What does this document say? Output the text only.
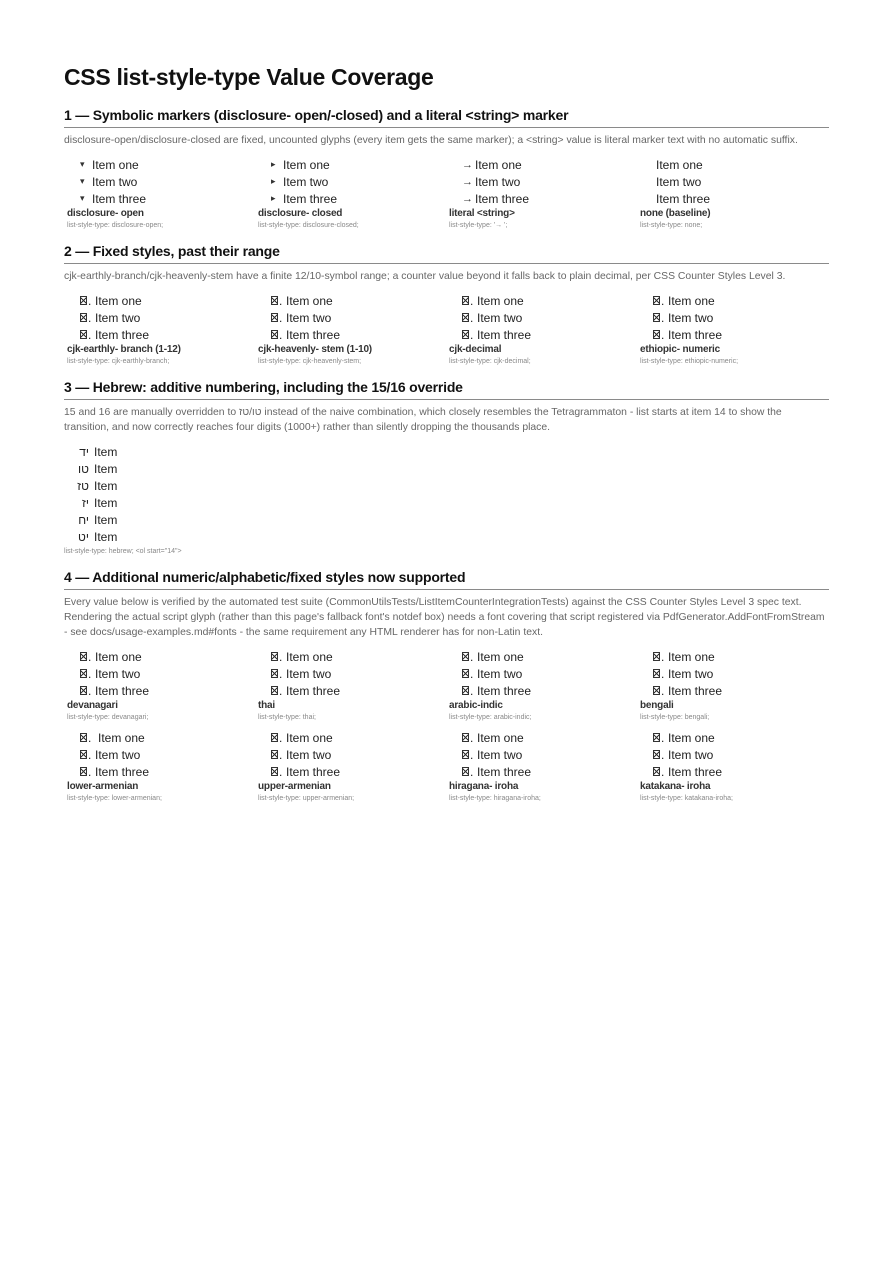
CSS list-style-type Value Coverage
1 — Symbolic markers (disclosure- open/-closed) and a literal <string> marker
disclosure-open/disclosure-closed are fixed, uncounted glyphs (every item gets the same marker); a <string> value is literal marker text with no automatic suffix.
▾ Item one
▾ Item two
▾ Item three
disclosure- open
list-style-type: disclosure-open;
▸ Item one
▸ Item two
▸ Item three
disclosure- closed
list-style-type: disclosure-closed;
→ Item one
→ Item two
→ Item three
literal <string>
list-style-type: '→ ';
Item one
Item two
Item three
none (baseline)
list-style-type: none;
2 — Fixed styles, past their range
cjk-earthly-branch/cjk-heavenly-stem have a finite 12/10-symbol range; a counter value beyond it falls back to plain decimal, per CSS Counter Styles Level 3.
. Item one
. Item two
. Item three
cjk-earthly- branch (1-12)
list-style-type: cjk-earthly-branch;
. Item one
. Item two
. Item three
cjk-heavenly- stem (1-10)
list-style-type: cjk-heavenly-stem;
. Item one
. Item two
. Item three
cjk-decimal
list-style-type: cjk-decimal;
. Item one
. Item two
. Item three
ethiopic- numeric
list-style-type: ethiopic-numeric;
3 — Hebrew: additive numbering, including the 15/16 override
15 and 16 are manually overridden to טו/טז instead of the naive combination, which closely resembles the Tetragrammaton - list starts at item 14 to show the transition, and now correctly reaches four digits (1000+) rather than silently dropping the thousands place.
יד Item
טו Item
טז Item
יז Item
יח Item
יט Item
list-style-type: hebrew; <ol start="14">
4 — Additional numeric/alphabetic/fixed styles now supported
Every value below is verified by the automated test suite (CommonUtilsTests/ListItemCounterIntegrationTests) against the CSS Counter Styles Level 3 spec text. Rendering the actual script glyph (rather than this page's fallback font's notdef box) needs a font covering that script registered via PdfGenerator.AddFontFromStream - see docs/usage-examples.md#fonts - the same requirement any HTML renderer has for non-Latin text.
. Item one
. Item two
. Item three
devanagari
list-style-type: devanagari;
. Item one
. Item two
. Item three
thai
list-style-type: thai;
. Item one
. Item two
. Item three
arabic-indic
list-style-type: arabic-indic;
. Item one
. Item two
. Item three
bengali
list-style-type: bengali;
. Item one
. Item two
. Item three
lower-armenian
list-style-type: lower-armenian;
. Item one
. Item two
. Item three
upper-armenian
list-style-type: upper-armenian;
. Item one
. Item two
. Item three
hiragana- iroha
list-style-type: hiragana-iroha;
. Item one
. Item two
. Item three
katakana- iroha
list-style-type: katakana-iroha;
